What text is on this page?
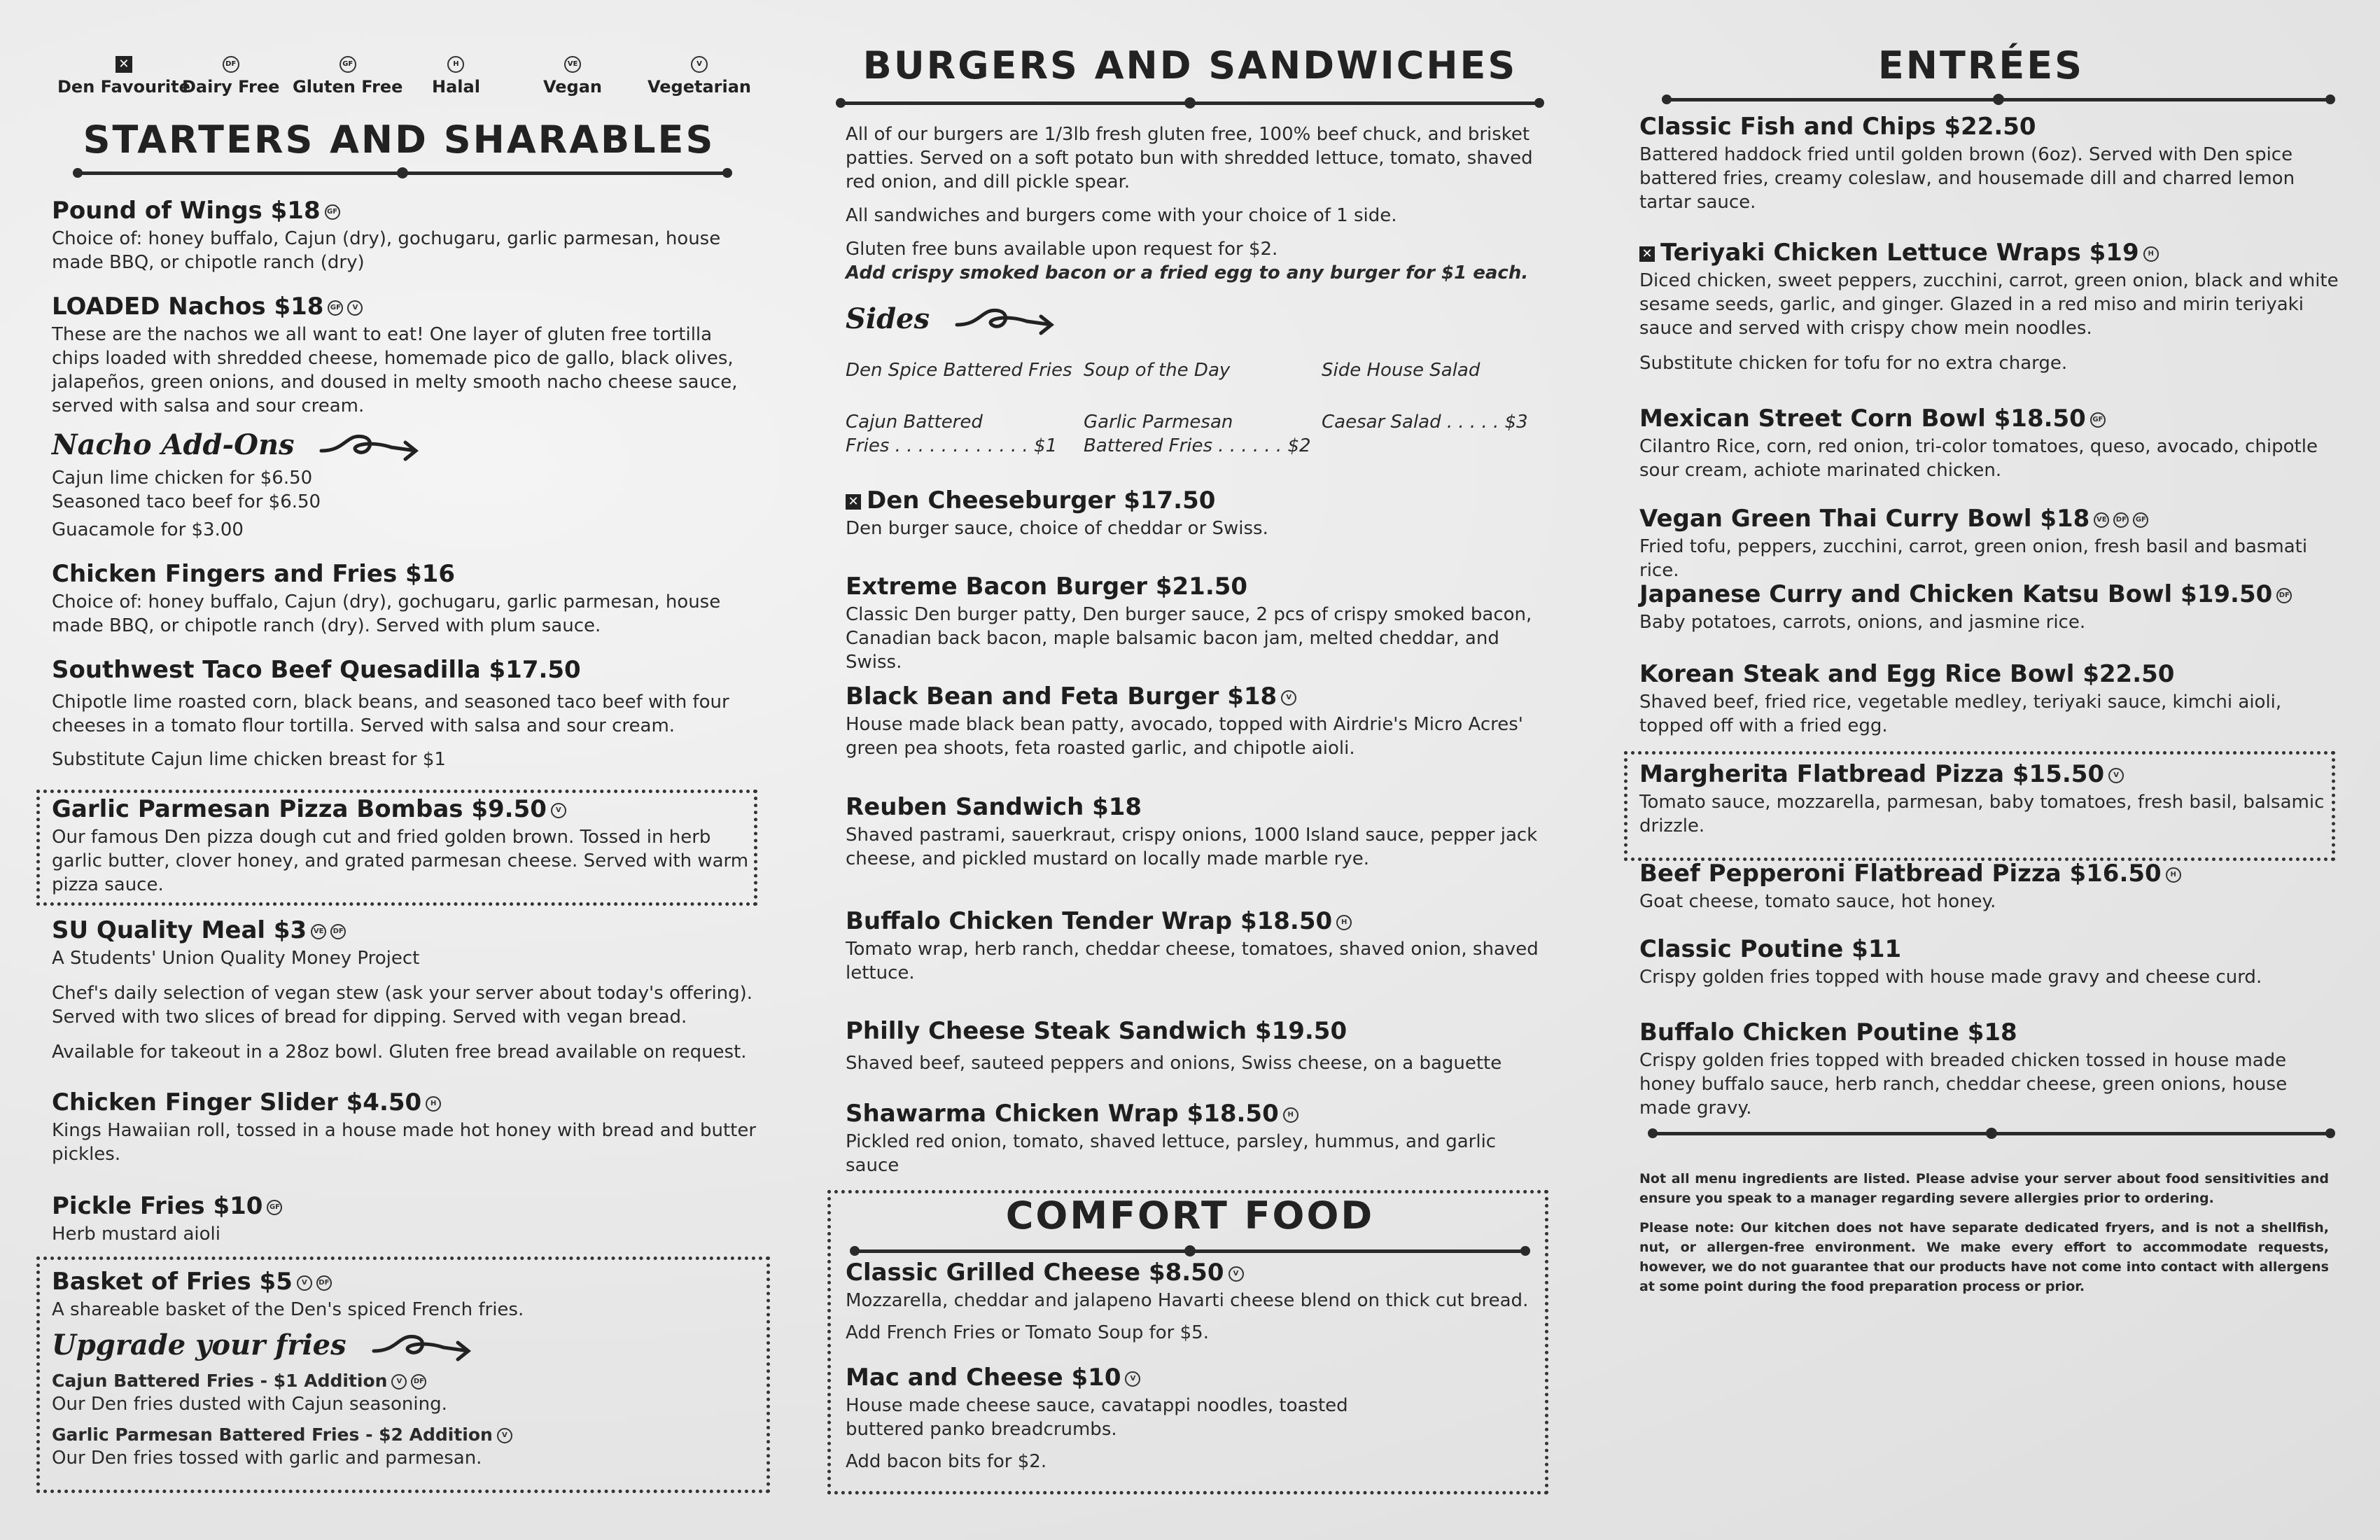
✕
Den Favourite
DF
Dairy Free
GF
Gluten Free
H
Halal
VE
Vegan
V
Vegetarian
STARTERS AND SHARABLES
Pound of Wings $18 GF
Choice of: honey buffalo, Cajun (dry), gochugaru, garlic parmesan, house made BBQ, or chipotle ranch (dry)
LOADED Nachos $18 GF V
These are the nachos we all want to eat! One layer of gluten free tortilla chips loaded with shredded cheese, homemade pico de gallo, black olives, jalapeños, green onions, and doused in melty smooth nacho cheese sauce, served with salsa and sour cream.
Nacho Add-Ons
Cajun lime chicken for $6.50
Seasoned taco beef for $6.50
Guacamole for $3.00
Chicken Fingers and Fries $16
Choice of: honey buffalo, Cajun (dry), gochugaru, garlic parmesan, house made BBQ, or chipotle ranch (dry). Served with plum sauce.
Southwest Taco Beef Quesadilla $17.50
Chipotle lime roasted corn, black beans, and seasoned taco beef with four cheeses in a tomato flour tortilla. Served with salsa and sour cream.
Substitute Cajun lime chicken breast for $1
Garlic Parmesan Pizza Bombas $9.50 V
Our famous Den pizza dough cut and fried golden brown. Tossed in herb garlic butter, clover honey, and grated parmesan cheese. Served with warm pizza sauce.
SU Quality Meal $3 VE DF
A Students' Union Quality Money Project
Chef's daily selection of vegan stew (ask your server about today's offering). Served with two slices of bread for dipping. Served with vegan bread.
Available for takeout in a 28oz bowl. Gluten free bread available on request.
Chicken Finger Slider $4.50 H
Kings Hawaiian roll, tossed in a house made hot honey with bread and butter pickles.
Pickle Fries $10 GF
Herb mustard aioli
Basket of Fries $5 V DF
A shareable basket of the Den's spiced French fries.
Upgrade your fries
Cajun Battered Fries - $1 Addition V DF
Our Den fries dusted with Cajun seasoning.
Garlic Parmesan Battered Fries - $2 Addition V
Our Den fries tossed with garlic and parmesan.
BURGERS AND SANDWICHES
All of our burgers are 1/3lb fresh gluten free, 100% beef chuck, and brisket patties. Served on a soft potato bun with shredded lettuce, tomato, shaved red onion, and dill pickle spear.
All sandwiches and burgers come with your choice of 1 side.
Gluten free buns available upon request for $2.
Add crispy smoked bacon or a fried egg to any burger for $1 each.
Sides
Den Spice Battered Fries Soup of the Day	Side House Salad
Cajun Battered
Fries . . . . . . . . . . . . $1
Garlic Parmesan
Battered Fries . . . . . . $2
Caesar Salad . . . . . $3
✕ Den Cheeseburger $17.50
Den burger sauce, choice of cheddar or Swiss.
Extreme Bacon Burger $21.50
Classic Den burger patty, Den burger sauce, 2 pcs of crispy smoked bacon, Canadian back bacon, maple balsamic bacon jam, melted cheddar, and Swiss.
Black Bean and Feta Burger $18 V
House made black bean patty, avocado, topped with Airdrie's Micro Acres' green pea shoots, feta roasted garlic, and chipotle aioli.
Reuben Sandwich $18
Shaved pastrami, sauerkraut, crispy onions, 1000 Island sauce, pepper jack cheese, and pickled mustard on locally made marble rye.
Buffalo Chicken Tender Wrap $18.50 H
Tomato wrap, herb ranch, cheddar cheese, tomatoes, shaved onion, shaved lettuce.
Philly Cheese Steak Sandwich $19.50
Shaved beef, sauteed peppers and onions, Swiss cheese, on a baguette
Shawarma Chicken Wrap $18.50 H
Pickled red onion, tomato, shaved lettuce, parsley, hummus, and garlic sauce
COMFORT FOOD
Classic Grilled Cheese $8.50 V
Mozzarella, cheddar and jalapeno Havarti cheese blend on thick cut bread.
Add French Fries or Tomato Soup for $5.
Mac and Cheese $10 V
House made cheese sauce, cavatappi noodles, toasted buttered panko breadcrumbs.
Add bacon bits for $2.
ENTRÉES
Classic Fish and Chips $22.50
Battered haddock fried until golden brown (6oz). Served with Den spice battered fries, creamy coleslaw, and housemade dill and charred lemon tartar sauce.
✕ Teriyaki Chicken Lettuce Wraps $19 H
Diced chicken, sweet peppers, zucchini, carrot, green onion, black and white sesame seeds, garlic, and ginger. Glazed in a red miso and mirin teriyaki sauce and served with crispy chow mein noodles.
Substitute chicken for tofu for no extra charge.
Mexican Street Corn Bowl $18.50 GF
Cilantro Rice, corn, red onion, tri-color tomatoes, queso, avocado, chipotle sour cream, achiote marinated chicken.
Vegan Green Thai Curry Bowl $18 VE DF GF
Fried tofu, peppers, zucchini, carrot, green onion, fresh basil and basmati rice.
Japanese Curry and Chicken Katsu Bowl $19.50 DF
Baby potatoes, carrots, onions, and jasmine rice.
Korean Steak and Egg Rice Bowl $22.50
Shaved beef, fried rice, vegetable medley, teriyaki sauce, kimchi aioli, topped off with a fried egg.
Margherita Flatbread Pizza $15.50 V
Tomato sauce, mozzarella, parmesan, baby tomatoes, fresh basil, balsamic drizzle.
Beef Pepperoni Flatbread Pizza $16.50 H
Goat cheese, tomato sauce, hot honey.
Classic Poutine $11
Crispy golden fries topped with house made gravy and cheese curd.
Buffalo Chicken Poutine $18
Crispy golden fries topped with breaded chicken tossed in house made honey buffalo sauce, herb ranch, cheddar cheese, green onions, house made gravy.
Not all menu ingredients are listed. Please advise your server about food sensitivities and ensure you speak to a manager regarding severe allergies prior to ordering.
Please note: Our kitchen does not have separate dedicated fryers, and is not a shellfish, nut, or allergen-free environment. We make every effort to accommodate requests, however, we do not guarantee that our products have not come into contact with allergens at some point during the food preparation process or prior.
